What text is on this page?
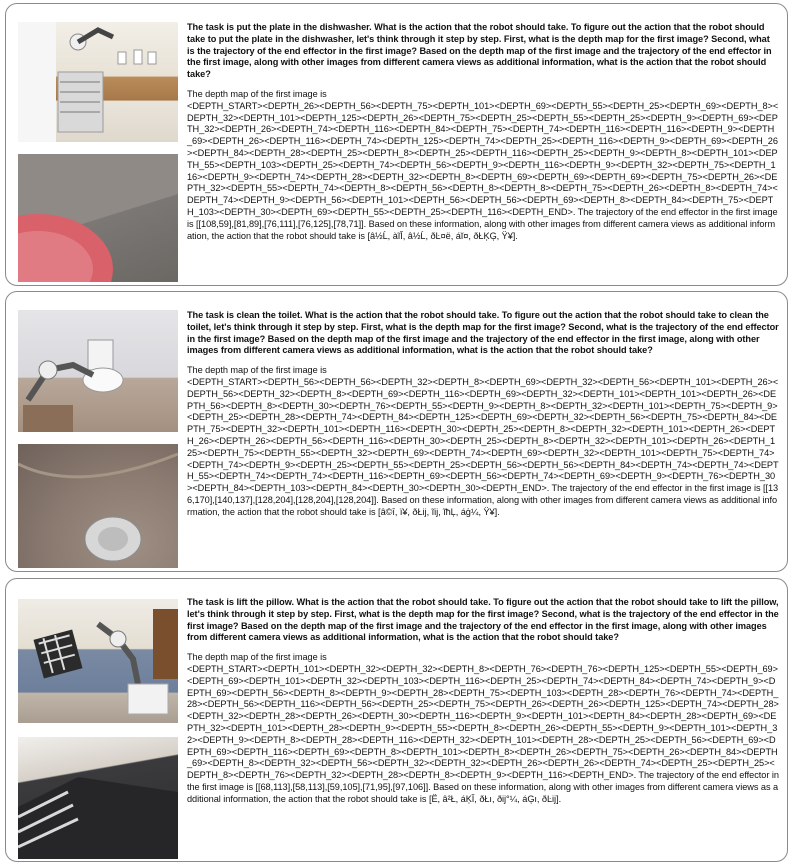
The task is put the plate in the dishwasher. What is the action that the robot should take. To figure out the action that the robot should take to put the plate in the dishwasher, let's think through it step by step. First, what is the depth map for the first image? Second, what is the trajectory of the end effector in the first image? Based on the depth map of the first image and the trajectory of the end effector in the first image, along with other images from different camera views as additional information, what is the action that the robot should take?

The depth map of the first image is

<DEPTH_START><DEPTH_26><DEPTH_56><DEPTH_75><DEPTH_101><DEPTH_69><DEPTH_55><DEPTH_25><DEPTH_69><DEPTH_8><DEPTH_32><DEPTH_101><DEPTH_125><DEPTH_26><DEPTH_75><DEPTH_25><DEPTH_55><DEPTH_25><DEPTH_9><DEPTH_69><DEPTH_32><DEPTH_26><DEPTH_74><DEPTH_116><DEPTH_84><DEPTH_75><DEPTH_74><DEPTH_116><DEPTH_116><DEPTH_9><DEPTH_69><DEPTH_26><DEPTH_116><DEPTH_74><DEPTH_125><DEPTH_74><DEPTH_25><DEPTH_116><DEPTH_9><DEPTH_69><DEPTH_26><DEPTH_84><DEPTH_28><DEPTH_25><DEPTH_8><DEPTH_25><DEPTH_116><DEPTH_25><DEPTH_9><DEPTH_8><DEPTH_101><DEPTH_55><DEPTH_103><DEPTH_25><DEPTH_74><DEPTH_56><DEPTH_9><DEPTH_116><DEPTH_9><DEPTH_32><DEPTH_75><DEPTH_116><DEPTH_9><DEPTH_74><DEPTH_28><DEPTH_32><DEPTH_8><DEPTH_69><DEPTH_69><DEPTH_69><DEPTH_75><DEPTH_26><DEPTH_32><DEPTH_55><DEPTH_74><DEPTH_8><DEPTH_56><DEPTH_8><DEPTH_8><DEPTH_75><DEPTH_26><DEPTH_8><DEPTH_74><DEPTH_74><DEPTH_9><DEPTH_56><DEPTH_101><DEPTH_56><DEPTH_56><DEPTH_69><DEPTH_8><DEPTH_84><DEPTH_75><DEPTH_103><DEPTH_30><DEPTH_69><DEPTH_55><DEPTH_25><DEPTH_116><DEPTH_END>. The trajectory of the end effector in the first image is [[108,59],[81,89],[76,111],[76,125],[78,71]]. Based on these information, along with other images from different camera views as additional information, the action that the robot should take is [â½Ĺ, àĩĬ, â½Ĺ, ðĿ¤ë, áĭ¤, ðŁĶĢ, Ÿ¥].

The task is clean the toilet. What is the action that the robot should take. To figure out the action that the robot should take to clean the toilet, let's think through it step by step. First, what is the depth map for the first image? Second, what is the trajectory of the end effector in the first image? Based on the depth map of the first image and the trajectory of the end effector in the first image, along with other images from different camera views as additional information, what is the action that the robot should take?

The depth map of the first image is

<DEPTH_START><DEPTH_56><DEPTH_56><DEPTH_32><DEPTH_8><DEPTH_69><DEPTH_32><DEPTH_56><DEPTH_101><DEPTH_26><DEPTH_56><DEPTH_32><DEPTH_8><DEPTH_69><DEPTH_116><DEPTH_69><DEPTH_32><DEPTH_101><DEPTH_101><DEPTH_26><DEPTH_56><DEPTH_8><DEPTH_30><DEPTH_76><DEPTH_55><DEPTH_9><DEPTH_8><DEPTH_32><DEPTH_101><DEPTH_75><DEPTH_9><DEPTH_25><DEPTH_28><DEPTH_74><DEPTH_84><DEPTH_125><DEPTH_69><DEPTH_32><DEPTH_56><DEPTH_75><DEPTH_84><DEPTH_75><DEPTH_32><DEPTH_101><DEPTH_116><DEPTH_30><DEPTH_25><DEPTH_8><DEPTH_32><DEPTH_101><DEPTH_26><DEPTH_26><DEPTH_26><DEPTH_56><DEPTH_116><DEPTH_30><DEPTH_25><DEPTH_8><DEPTH_32><DEPTH_101><DEPTH_26><DEPTH_125><DEPTH_75><DEPTH_55><DEPTH_32><DEPTH_69><DEPTH_74><DEPTH_69><DEPTH_32><DEPTH_101><DEPTH_75><DEPTH_74><DEPTH_74><DEPTH_9><DEPTH_25><DEPTH_55><DEPTH_25><DEPTH_56><DEPTH_56><DEPTH_84><DEPTH_74><DEPTH_74><DEPTH_55><DEPTH_74><DEPTH_74><DEPTH_116><DEPTH_69><DEPTH_56><DEPTH_74><DEPTH_69><DEPTH_9><DEPTH_76><DEPTH_30><DEPTH_84><DEPTH_103><DEPTH_84><DEPTH_30><DEPTH_30><DEPTH_END>. The trajectory of the end effector in the first image is [[136,170],[140,137],[128,204],[128,204],[128,204]]. Based on these information, along with other images from different camera views as additional information, the action that the robot should take is [â©ī, ï¥, ðŁĳ, ĩĳ, ĩħĻ, áģ¼, Ÿ¥].

The task is lift the pillow. What is the action that the robot should take. To figure out the action that the robot should take to lift the pillow, let's think through it step by step. First, what is the depth map for the first image? Second, what is the trajectory of the end effector in the first image? Based on the depth map of the first image and the trajectory of the end effector in the first image, along with other images from different camera views as additional information, what is the action that the robot should take?

The depth map of the first image is

<DEPTH_START><DEPTH_101><DEPTH_32><DEPTH_32><DEPTH_8><DEPTH_76><DEPTH_76><DEPTH_125><DEPTH_55><DEPTH_69><DEPTH_69><DEPTH_101><DEPTH_32><DEPTH_103><DEPTH_116><DEPTH_25><DEPTH_74><DEPTH_84><DEPTH_74><DEPTH_9><DEPTH_69><DEPTH_56><DEPTH_8><DEPTH_9><DEPTH_28><DEPTH_75><DEPTH_103><DEPTH_28><DEPTH_76><DEPTH_74><DEPTH_28><DEPTH_56><DEPTH_116><DEPTH_56><DEPTH_25><DEPTH_75><DEPTH_26><DEPTH_26><DEPTH_125><DEPTH_74><DEPTH_28><DEPTH_32><DEPTH_28><DEPTH_26><DEPTH_30><DEPTH_116><DEPTH_9><DEPTH_101><DEPTH_84><DEPTH_28><DEPTH_69><DEPTH_32><DEPTH_101><DEPTH_28><DEPTH_9><DEPTH_55><DEPTH_8><DEPTH_26><DEPTH_55><DEPTH_9><DEPTH_101><DEPTH_32><DEPTH_9><DEPTH_8><DEPTH_28><DEPTH_116><DEPTH_32><DEPTH_101><DEPTH_28><DEPTH_25><DEPTH_56><DEPTH_69><DEPTH_69><DEPTH_116><DEPTH_69><DEPTH_8><DEPTH_101><DEPTH_8><DEPTH_26><DEPTH_75><DEPTH_26><DEPTH_84><DEPTH_69><DEPTH_8><DEPTH_32><DEPTH_56><DEPTH_32><DEPTH_32><DEPTH_26><DEPTH_26><DEPTH_74><DEPTH_25><DEPTH_25><DEPTH_8><DEPTH_76><DEPTH_32><DEPTH_28><DEPTH_8><DEPTH_9><DEPTH_116><DEPTH_END>. The trajectory of the end effector in the first image is [[68,113],[58,113],[59,105],[71,95],[97,106]]. Based on these information, along with other images from different camera views as additional information, the action that the robot should take is [Ë, â²Ł, áĶĬ, ðŁı, ðĳ°¼, áĢı, ðĿĳ].
